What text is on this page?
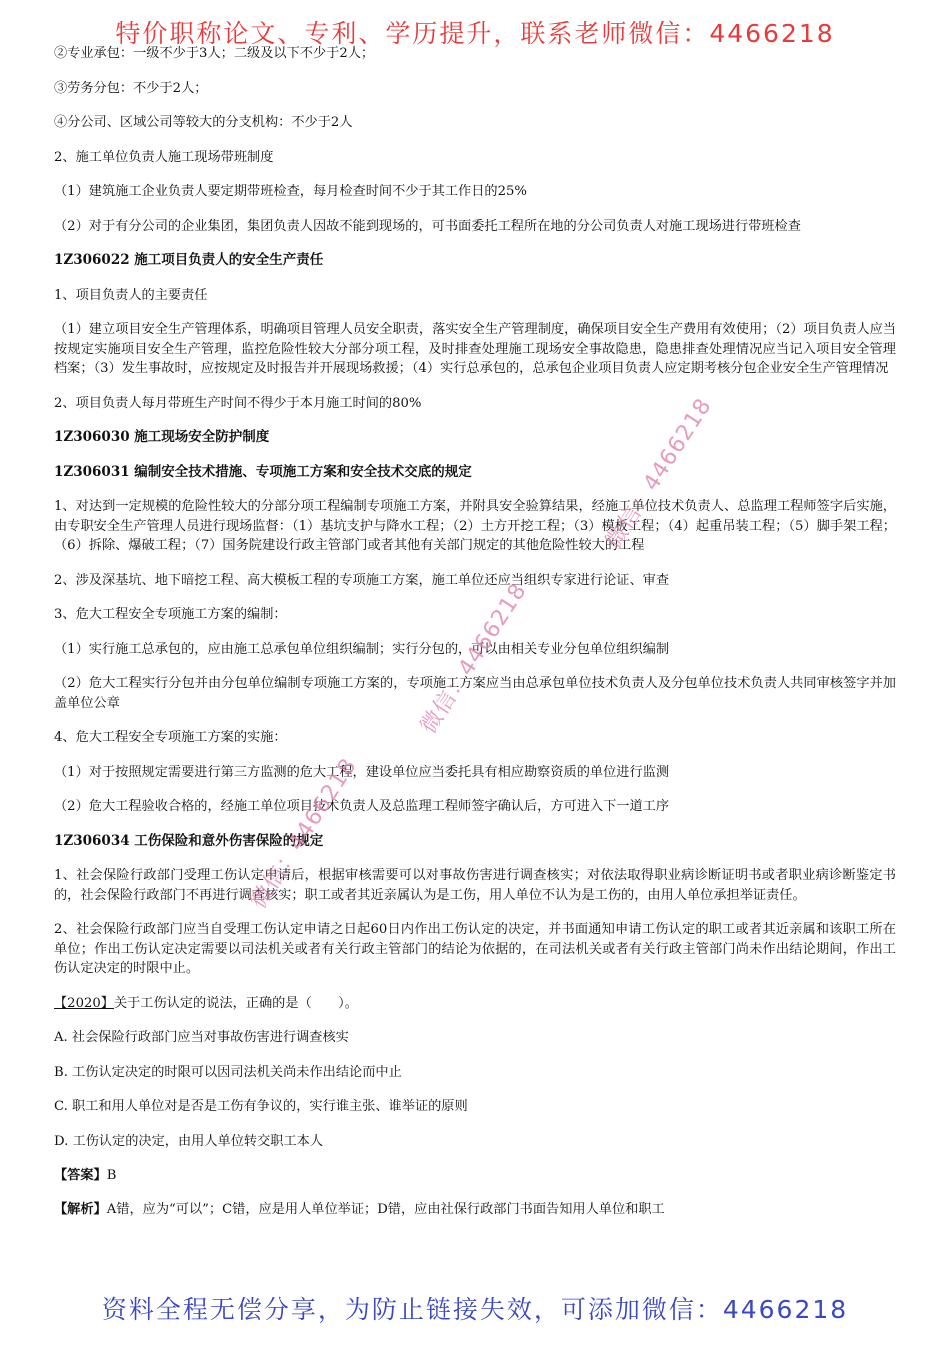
特价职称论文、专利、学历提升，联系老师微信：4466218

②专业承包：一级不少于3人；二级及以下不少于2人；

③劳务分包：不少于2人；

④分公司、区域公司等较大的分支机构：不少于2人

2、施工单位负责人施工现场带班制度

（1）建筑施工企业负责人要定期带班检查，每月检查时间不少于其工作日的25%

（2）对于有分公司的企业集团，集团负责人因故不能到现场的，可书面委托工程所在地的分公司负责人对施工现场进行带班检查

1Z306022 施工项目负责人的安全生产责任

1、项目负责人的主要责任

（1）建立项目安全生产管理体系，明确项目管理人员安全职责，落实安全生产管理制度，确保项目安全生产费用有效使用；（2）项目负责人应当按规定实施项目安全生产管理，监控危险性较大分部分项工程，及时排查处理施工现场安全事故隐患，隐患排查处理情况应当记入项目安全管理档案；（3）发生事故时，应按规定及时报告并开展现场救援；（4）实行总承包的，总承包企业项目负责人应定期考核分包企业安全生产管理情况

2、项目负责人每月带班生产时间不得少于本月施工时间的80%

1Z306030 施工现场安全防护制度
1Z306031 编制安全技术措施、专项施工方案和安全技术交底的规定

1、对达到一定规模的危险性较大的分部分项工程编制专项施工方案，并附具安全验算结果，经施工单位技术负责人、总监理工程师签字后实施，由专职安全生产管理人员进行现场监督：（1）基坑支护与降水工程；（2）土方开挖工程；（3）模板工程；（4）起重吊装工程；（5）脚手架工程；（6）拆除、爆破工程；（7）国务院建设行政主管部门或者其他有关部门规定的其他危险性较大的工程

2、涉及深基坑、地下暗挖工程、高大模板工程的专项施工方案，施工单位还应当组织专家进行论证、审查

3、危大工程安全专项施工方案的编制：

（1）实行施工总承包的，应由施工总承包单位组织编制；实行分包的，可以由相关专业分包单位组织编制

（2）危大工程实行分包并由分包单位编制专项施工方案的，专项施工方案应当由总承包单位技术负责人及分包单位技术负责人共同审核签字并加盖单位公章

4、危大工程安全专项施工方案的实施：

（1）对于按照规定需要进行第三方监测的危大工程，建设单位应当委托具有相应勘察资质的单位进行监测

（2）危大工程验收合格的，经施工单位项目技术负责人及总监理工程师签字确认后，方可进入下一道工序

1Z306034 工伤保险和意外伤害保险的规定

1、社会保险行政部门受理工伤认定申请后，根据审核需要可以对事故伤害进行调查核实；对依法取得职业病诊断证明书或者职业病诊断鉴定书的，社会保险行政部门不再进行调查核实；职工或者其近亲属认为是工伤，用人单位不认为是工伤的，由用人单位承担举证责任。

2、社会保险行政部门应当自受理工伤认定申请之日起60日内作出工伤认定的决定，并书面通知申请工伤认定的职工或者其近亲属和该职工所在单位；作出工伤认定决定需要以司法机关或者有关行政主管部门的结论为依据的，在司法机关或者有关行政主管部门尚未作出结论期间，作出工伤认定决定的时限中止。

【2020】关于工伤认定的说法，正确的是（　　）。

A. 社会保险行政部门应当对事故伤害进行调查核实

B. 工伤认定决定的时限可以因司法机关尚未作出结论而中止

C. 职工和用人单位对是否是工伤有争议的，实行谁主张、谁举证的原则

D. 工伤认定的决定，由用人单位转交职工本人

【答案】B

【解析】A错，应为“可以”；C错，应是用人单位举证；D错，应由社保行政部门书面告知用人单位和职工

微信：4466218
微信：4466218
微信：4466218
资料全程无偿分享，为防止链接失效，可添加微信：4466218
